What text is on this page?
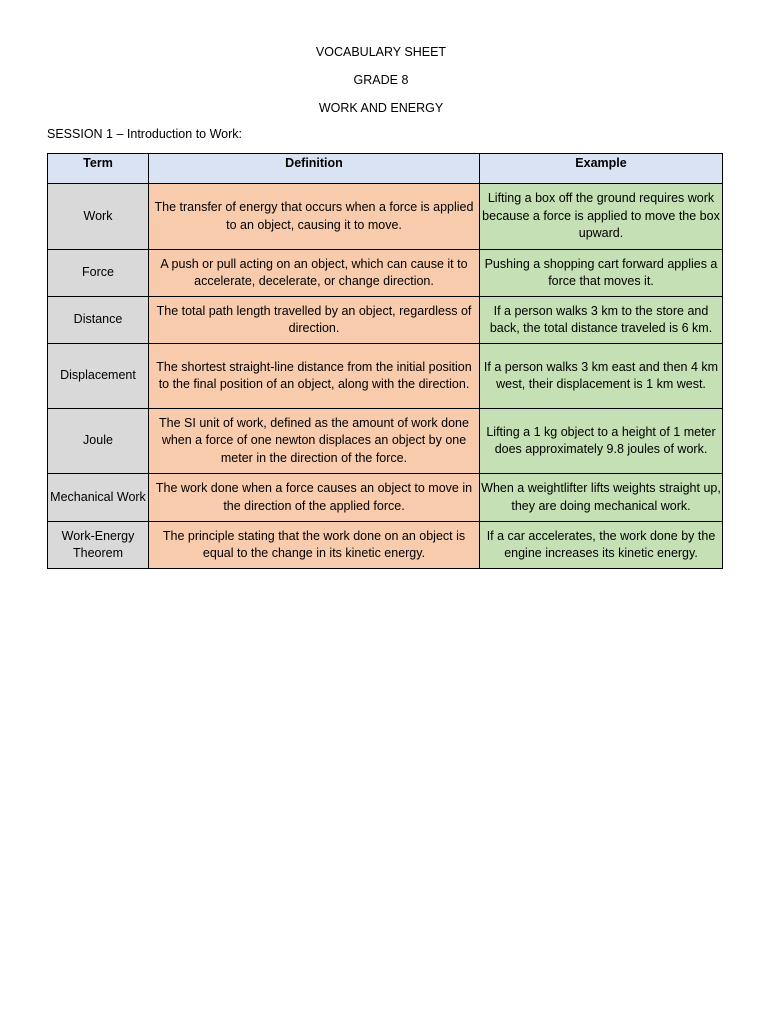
VOCABULARY SHEET
GRADE 8
WORK AND ENERGY
SESSION 1 – Introduction to Work:
Term	Definition	Example
Work	The transfer of energy that occurs when a force is applied to an object, causing it to move.	Lifting a box off the ground requires work because a force is applied to move the box upward.
Force	A push or pull acting on an object, which can cause it to accelerate, decelerate, or change direction.	Pushing a shopping cart forward applies a force that moves it.
Distance	The total path length travelled by an object, regardless of direction.	If a person walks 3 km to the store and back, the total distance traveled is 6 km.
Displacement	The shortest straight-line distance from the initial position to the final position of an object, along with the direction.	If a person walks 3 km east and then 4 km west, their displacement is 1 km west.
Joule	The SI unit of work, defined as the amount of work done when a force of one newton displaces an object by one meter in the direction of the force.	Lifting a 1 kg object to a height of 1 meter does approximately 9.8 joules of work.
Mechanical Work	The work done when a force causes an object to move in the direction of the applied force.	When a weightlifter lifts weights straight up, they are doing mechanical work.
Work-Energy Theorem	The principle stating that the work done on an object is equal to the change in its kinetic energy.	If a car accelerates, the work done by the engine increases its kinetic energy.
